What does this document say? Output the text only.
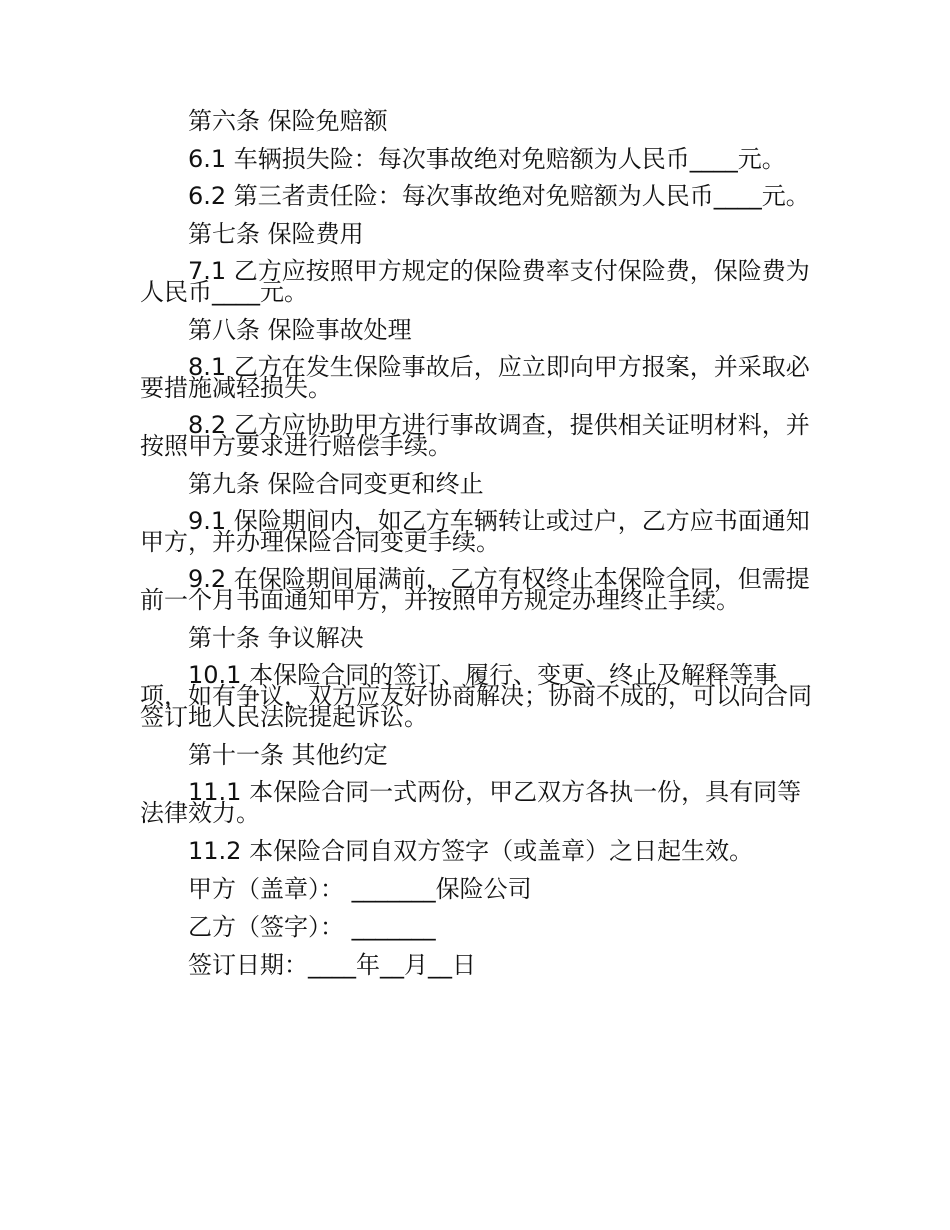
第六条 保险免赔额
6.1 车辆损失险：每次事故绝对免赔额为人民币____元。
6.2 第三者责任险：每次事故绝对免赔额为人民币____元。
第七条 保险费用
7.1 乙方应按照甲方规定的保险费率支付保险费，保险费为人民币____元。
第八条 保险事故处理
8.1 乙方在发生保险事故后，应立即向甲方报案，并采取必要措施减轻损失。
8.2 乙方应协助甲方进行事故调查，提供相关证明材料，并按照甲方要求进行赔偿手续。
第九条 保险合同变更和终止
9.1 保险期间内，如乙方车辆转让或过户，乙方应书面通知甲方，并办理保险合同变更手续。
9.2 在保险期间届满前，乙方有权终止本保险合同，但需提前一个月书面通知甲方，并按照甲方规定办理终止手续。
第十条 争议解决
10.1 本保险合同的签订、履行、变更、终止及解释等事项，如有争议，双方应友好协商解决；协商不成的，可以向合同签订地人民法院提起诉讼。
第十一条 其他约定
11.1 本保险合同一式两份，甲乙双方各执一份，具有同等法律效力。
11.2 本保险合同自双方签字（或盖章）之日起生效。
甲方（盖章）： _______保险公司
乙方（签字）： _______
签订日期：____年__月__日
